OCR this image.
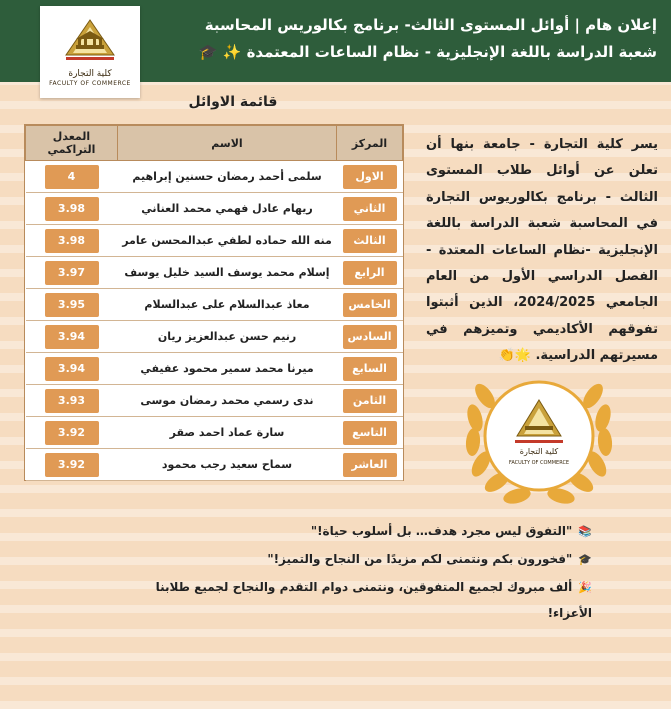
إعلان هام | أوائل المستوى الثالث- برنامج بكالوريس المحاسبة
شعبة الدراسة باللغة الإنجليزية - نظام الساعات المعتمدة ✨ 🎓
كلية التجارة
FACULTY OF COMMERCE
قائمة الاوائل
المركز	الاسم	المعدل التراكمي
الاول	سلمى أحمد رمضان حسنين إبراهيم	4
الثاني	ريهام عادل فهمي محمد العناني	3.98
الثالث	منه الله حماده لطفي عبدالمحسن عامر	3.98
الرابع	إسلام محمد يوسف السيد خليل يوسف	3.97
الخامس	معاذ عبدالسلام على عبدالسلام	3.95
السادس	رنيم حسن عبدالعزيز ريان	3.94
السابع	ميرنا محمد سمير محمود عفيفي	3.94
الثامن	ندى رسمي محمد رمضان موسى	3.93
التاسع	سارة عماد احمد صقر	3.92
العاشر	سماح سعيد رجب محمود	3.92
يسر كلية التجارة - جامعة بنها أن تعلن عن أوائل طلاب المستوى الثالث - برنامج بكالوريوس التجارة في المحاسبة شعبة الدراسة باللغة الإنجليزية -نظام الساعات المعتدة - الفصل الدراسي الأول من العام الجامعي 2024/2025، الذين أثبتوا تفوقهم الأكاديمي وتميزهم في مسيرتهم الدراسية. 🌟👏
كلية التجارة
FACULTY OF COMMERCE
📚"التفوق ليس مجرد هدف… بل أسلوب حياة!"
🎓"فخورون بكم ونتمنى لكم مزيدًا من النجاح والتميز!"
🎉ألف مبروك لجميع المتفوقين، ونتمنى دوام التقدم والنجاح لجميع طلابنا
الأعزاء!
